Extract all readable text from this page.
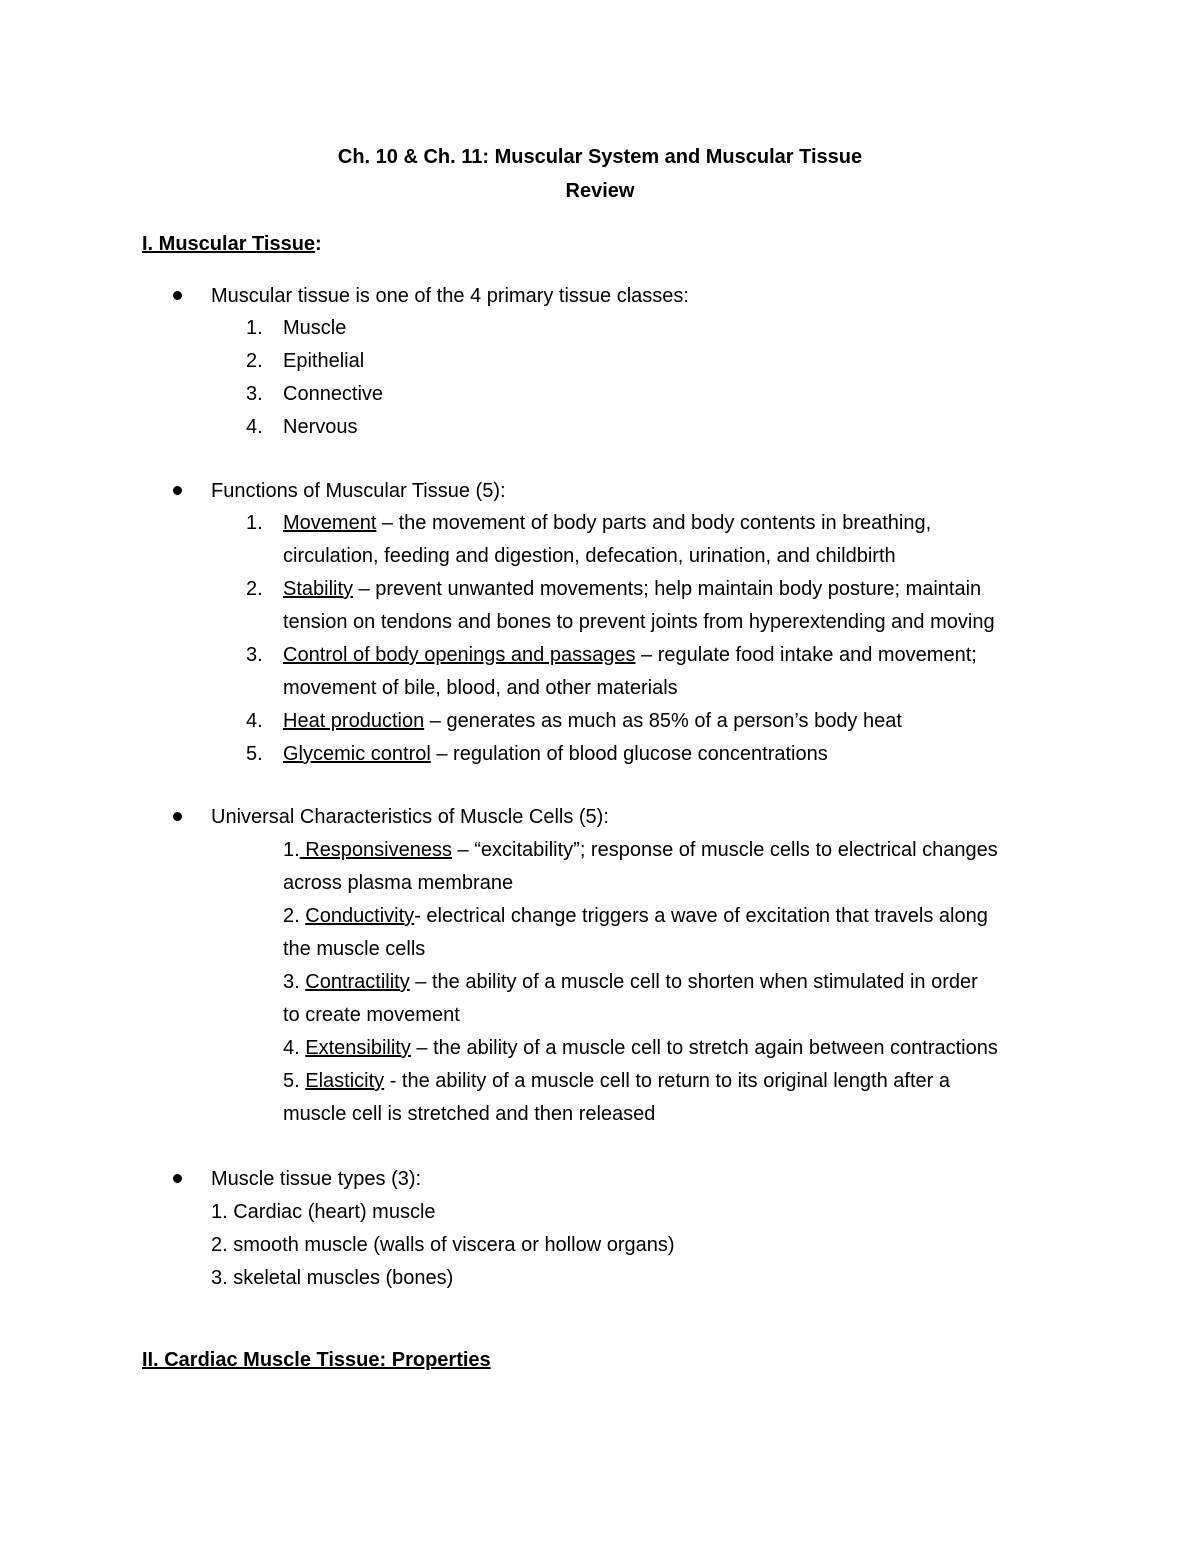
Ch. 10 & Ch. 11: Muscular System and Muscular Tissue
Review
I. Muscular Tissue:
Muscular tissue is one of the 4 primary tissue classes:
1. Muscle
2. Epithelial
3. Connective
4. Nervous
Functions of Muscular Tissue (5):
1. Movement – the movement of body parts and body contents in breathing,
circulation, feeding and digestion, defecation, urination, and childbirth
2. Stability – prevent unwanted movements; help maintain body posture; maintain
tension on tendons and bones to prevent joints from hyperextending and moving
3. Control of body openings and passages – regulate food intake and movement;
movement of bile, blood, and other materials
4. Heat production – generates as much as 85% of a person’s body heat
5. Glycemic control – regulation of blood glucose concentrations
Universal Characteristics of Muscle Cells (5):
1. Responsiveness – “excitability”; response of muscle cells to electrical changes
across plasma membrane
2. Conductivity- electrical change triggers a wave of excitation that travels along
the muscle cells
3. Contractility – the ability of a muscle cell to shorten when stimulated in order
to create movement
4. Extensibility – the ability of a muscle cell to stretch again between contractions
5. Elasticity - the ability of a muscle cell to return to its original length after a
muscle cell is stretched and then released
Muscle tissue types (3):
1. Cardiac (heart) muscle
2. smooth muscle (walls of viscera or hollow organs)
3. skeletal muscles (bones)
II. Cardiac Muscle Tissue: Properties
